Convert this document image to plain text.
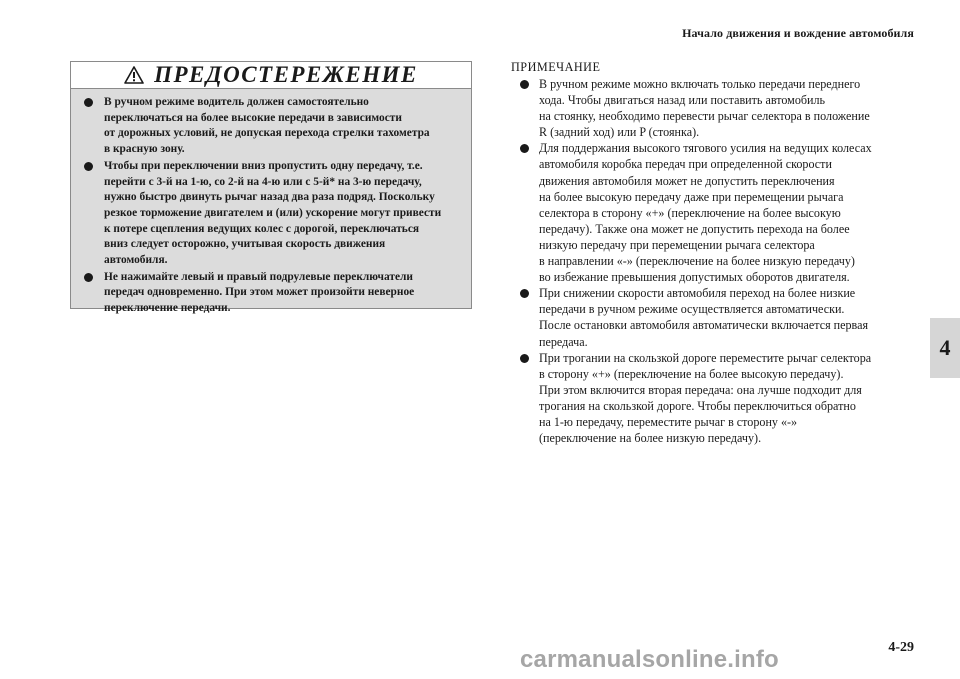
Начало движения и вождение автомобиля
ПРЕДОСТЕРЕЖЕНИЕ
В ручном режиме водитель должен самостоятельно
переключаться на более высокие передачи в зависимости
от дорожных условий, не допуская перехода стрелки тахометра
в красную зону.
Чтобы при переключении вниз пропустить одну передачу, т.е.
перейти с 3-й на 1-ю, со 2-й на 4-ю или с 5-й* на 3-ю передачу,
нужно быстро двинуть рычаг назад два раза подряд. Поскольку
резкое торможение двигателем и (или) ускорение могут привести
к потере сцепления ведущих колес с дорогой, переключаться
вниз следует осторожно, учитывая скорость движения
автомобиля.
Не нажимайте левый и правый подрулевые переключатели
передач одновременно. При этом может произойти неверное
переключение передачи.
ПРИМЕЧАНИЕ
В ручном режиме можно включать только передачи переднего
хода. Чтобы двигаться назад или поставить автомобиль
на стоянку, необходимо перевести рычаг селектора в положение
R (задний ход) или P (стоянка).
Для поддержания высокого тягового усилия на ведущих колесах
автомобиля коробка передач при определенной скорости
движения автомобиля может не допустить переключения
на более высокую передачу даже при перемещении рычага
селектора в сторону «+» (переключение на более высокую
передачу). Также она может не допустить перехода на более
низкую передачу при перемещении рычага селектора
в направлении «-» (переключение на более низкую передачу)
во избежание превышения допустимых оборотов двигателя.
При снижении скорости автомобиля переход на более низкие
передачи в ручном режиме осуществляется автоматически.
После остановки автомобиля автоматически включается первая
передача.
При трогании на скользкой дороге переместите рычаг селектора
в сторону «+» (переключение на более высокую передачу).
При этом включится вторая передача: она лучше подходит для
трогания на скользкой дороге. Чтобы переключиться обратно
на 1-ю передачу, переместите рычаг в сторону «-»
(переключение на более низкую передачу).
4
4-29
carmanualsonline.info
